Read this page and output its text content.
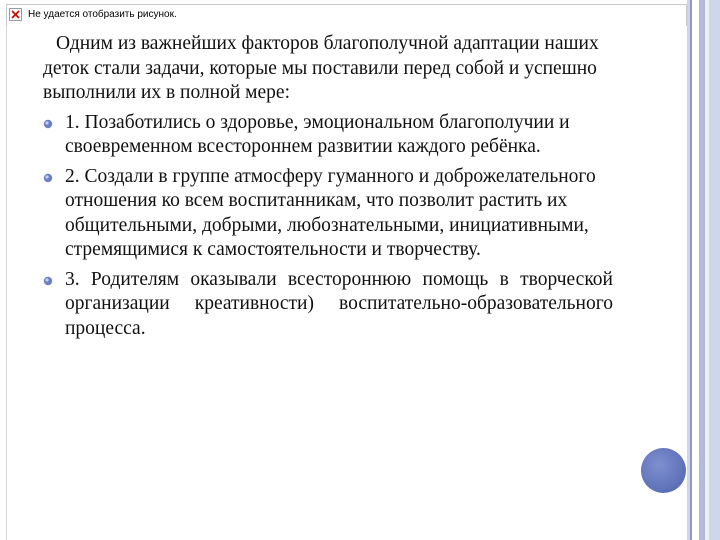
Не удается отобразить рисунок.

Одним из важнейших факторов благополучной адаптации наших деток стали задачи, которые мы поставили перед собой и успешно выполнили их в полной мере:

1. Позаботились о здоровье, эмоциональном благополучии и своевременном всестороннем развитии каждого ребёнка.
2. Создали в группе атмосферу гуманного и доброжелательного отношения ко всем воспитанникам, что позволит растить их общительными, добрыми, любознательными, инициативными, стремящимися к самостоятельности и творчеству.
3. Родителям оказывали всестороннюю помощь в творческой организации креативности) воспитательно-образовательного процесса.
